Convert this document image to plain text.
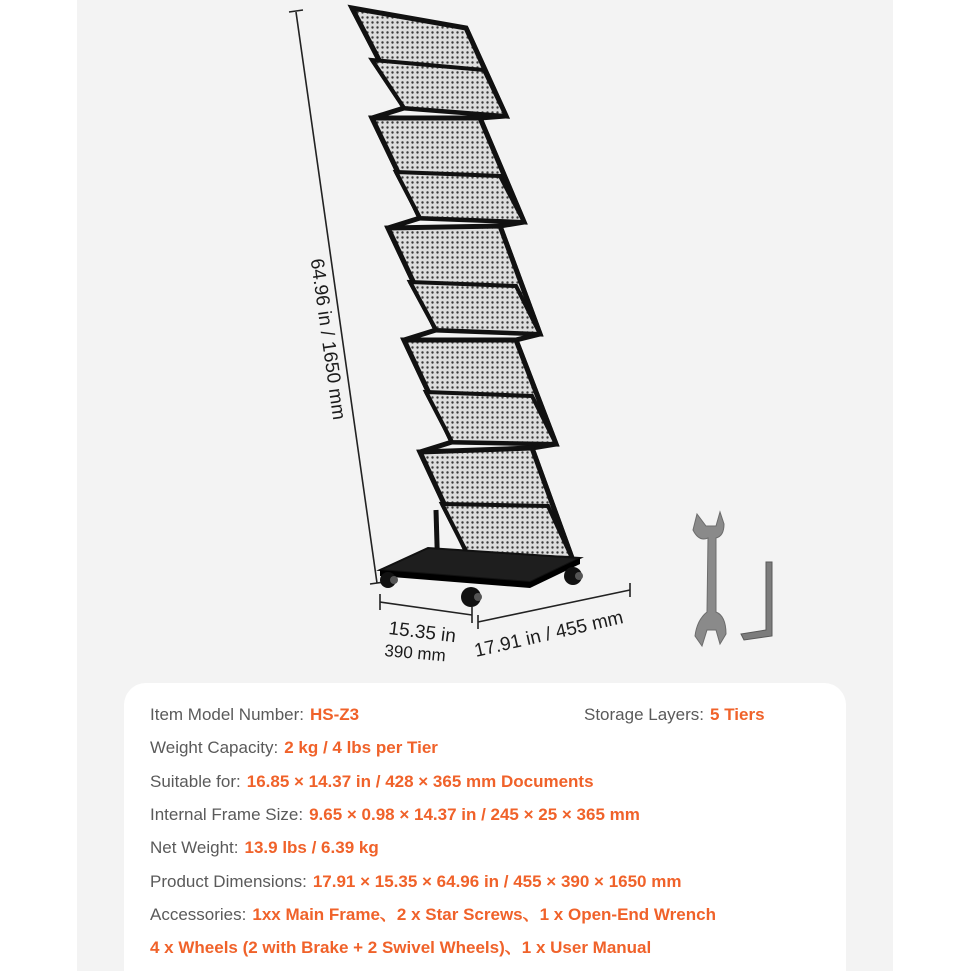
64.96 in / 1650 mm
15.35 in
390 mm 17.91 in / 455 mm
Item Model Number: HS-Z3	Storage Layers: 5 Tiers
Weight Capacity: 2 kg / 4 lbs per Tier
Suitable for: 16.85 × 14.37 in / 428 × 365 mm Documents
Internal Frame Size: 9.65 × 0.98 × 14.37 in / 245 × 25 × 365 mm
Net Weight: 13.9 lbs / 6.39 kg
Product Dimensions: 17.91 × 15.35 × 64.96 in / 455 × 390 × 1650 mm
Accessories: 1xx Main Frame、2 x Star Screws、1 x Open-End Wrench
4 x Wheels (2 with Brake + 2 Swivel Wheels)、1 x User Manual
